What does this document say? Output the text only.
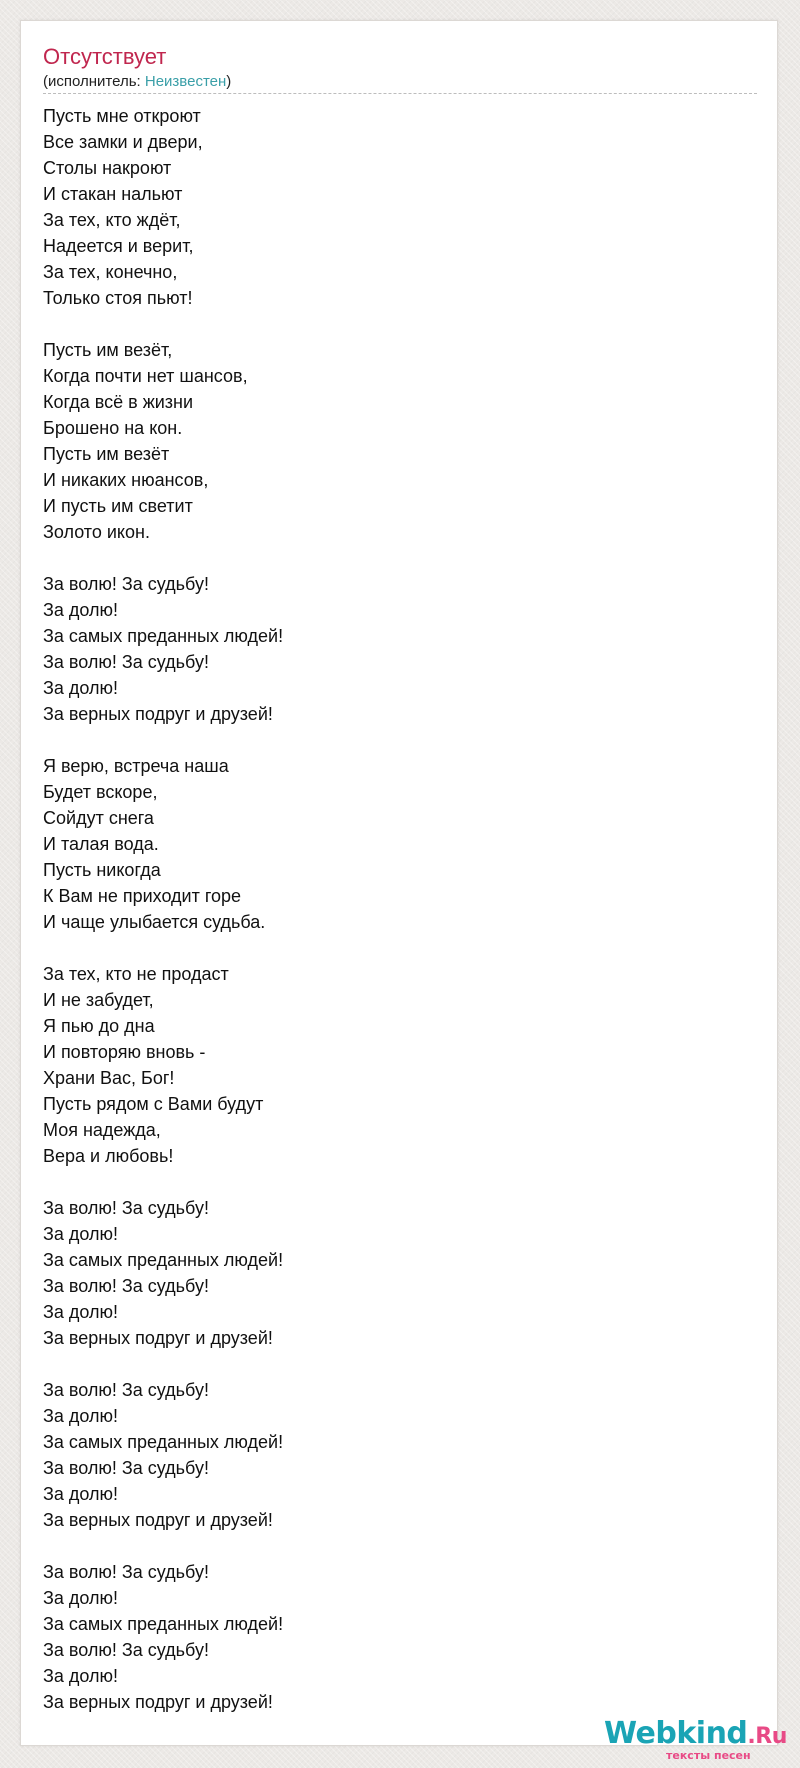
Отсутствует
(исполнитель: Неизвестен)
Пусть мне откроют
Все замки и двери,
Столы накроют
И стакан нальют
За тех, кто ждёт,
Надеется и верит,
За тех, конечно,
Только стоя пьют!
Пусть им везёт,
Когда почти нет шансов,
Когда всё в жизни
Брошено на кон.
Пусть им везёт
И никаких нюансов,
И пусть им светит
Золото икон.
За волю! За судьбу!
За долю!
За самых преданных людей!
За волю! За судьбу!
За долю!
За верных подруг и друзей!
Я верю, встреча наша
Будет вскоре,
Сойдут снега
И талая вода.
Пусть никогда
К Вам не приходит горе
И чаще улыбается судьба.
За тех, кто не продаст
И не забудет,
Я пью до дна
И повторяю вновь -
Храни Вас, Бог!
Пусть рядом с Вами будут
Моя надежда,
Вера и любовь!
За волю! За судьбу!
За долю!
За самых преданных людей!
За волю! За судьбу!
За долю!
За верных подруг и друзей!
За волю! За судьбу!
За долю!
За самых преданных людей!
За волю! За судьбу!
За долю!
За верных подруг и друзей!
За волю! За судьбу!
За долю!
За самых преданных людей!
За волю! За судьбу!
За долю!
За верных подруг и друзей!
Webkind.Ru
тексты песен
